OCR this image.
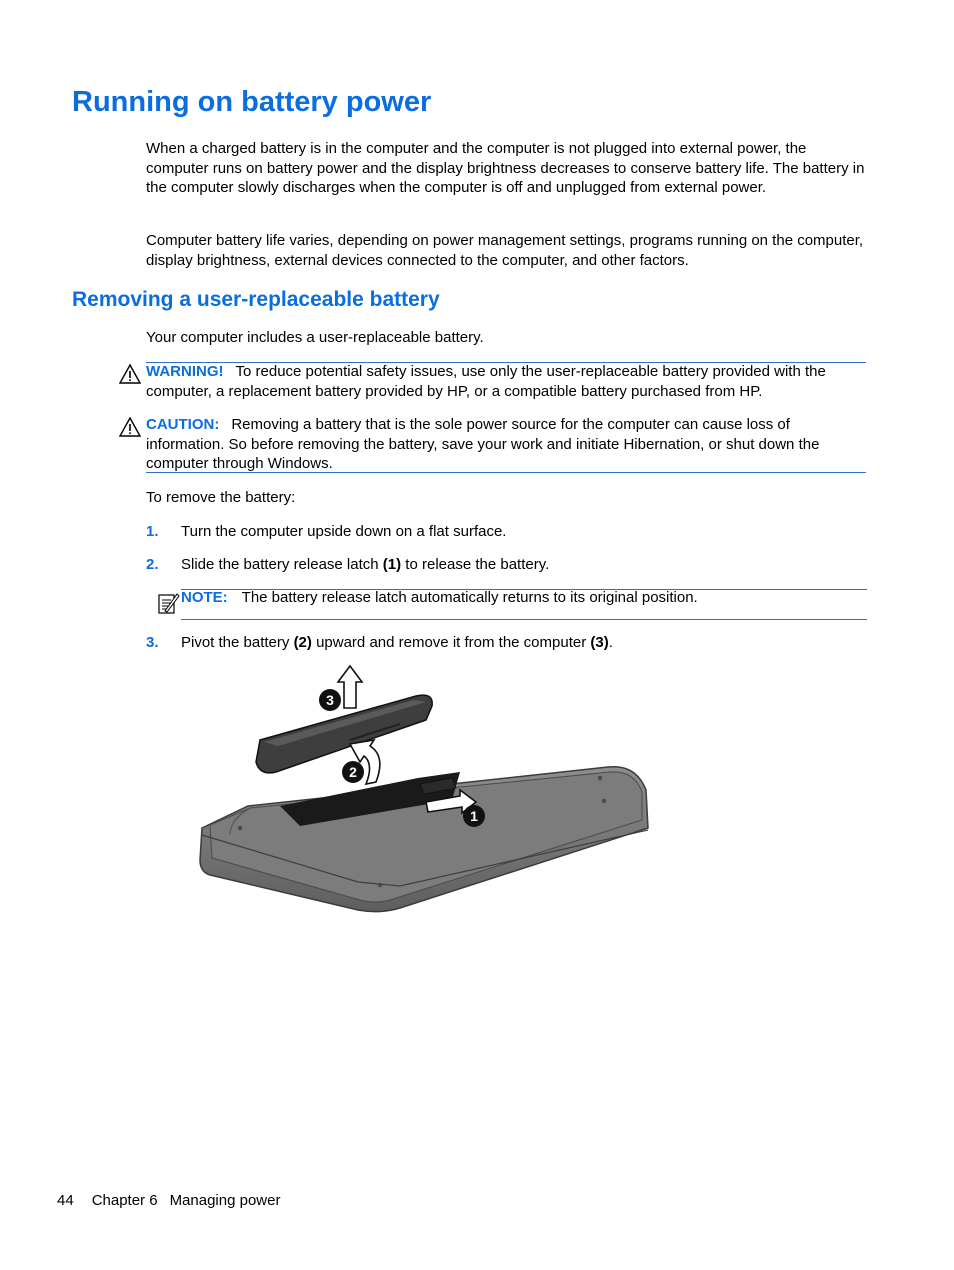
Running on battery power

When a charged battery is in the computer and the computer is not plugged into external power, the computer runs on battery power and the display brightness decreases to conserve battery life. The battery in the computer slowly discharges when the computer is off and unplugged from external power.

Computer battery life varies, depending on power management settings, programs running on the computer, display brightness, external devices connected to the computer, and other factors.

Removing a user-replaceable battery

Your computer includes a user-replaceable battery.

WARNING! To reduce potential safety issues, use only the user-replaceable battery provided with the computer, a replacement battery provided by HP, or a compatible battery purchased from HP.

CAUTION: Removing a battery that is the sole power source for the computer can cause loss of information. So before removing the battery, save your work and initiate Hibernation, or shut down the computer through Windows.

To remove the battery:

1. Turn the computer upside down on a flat surface.
2. Slide the battery release latch (1) to release the battery.
NOTE: The battery release latch automatically returns to its original position.
3. Pivot the battery (2) upward and remove it from the computer (3).
1
2
3
44 Chapter 6 Managing power
